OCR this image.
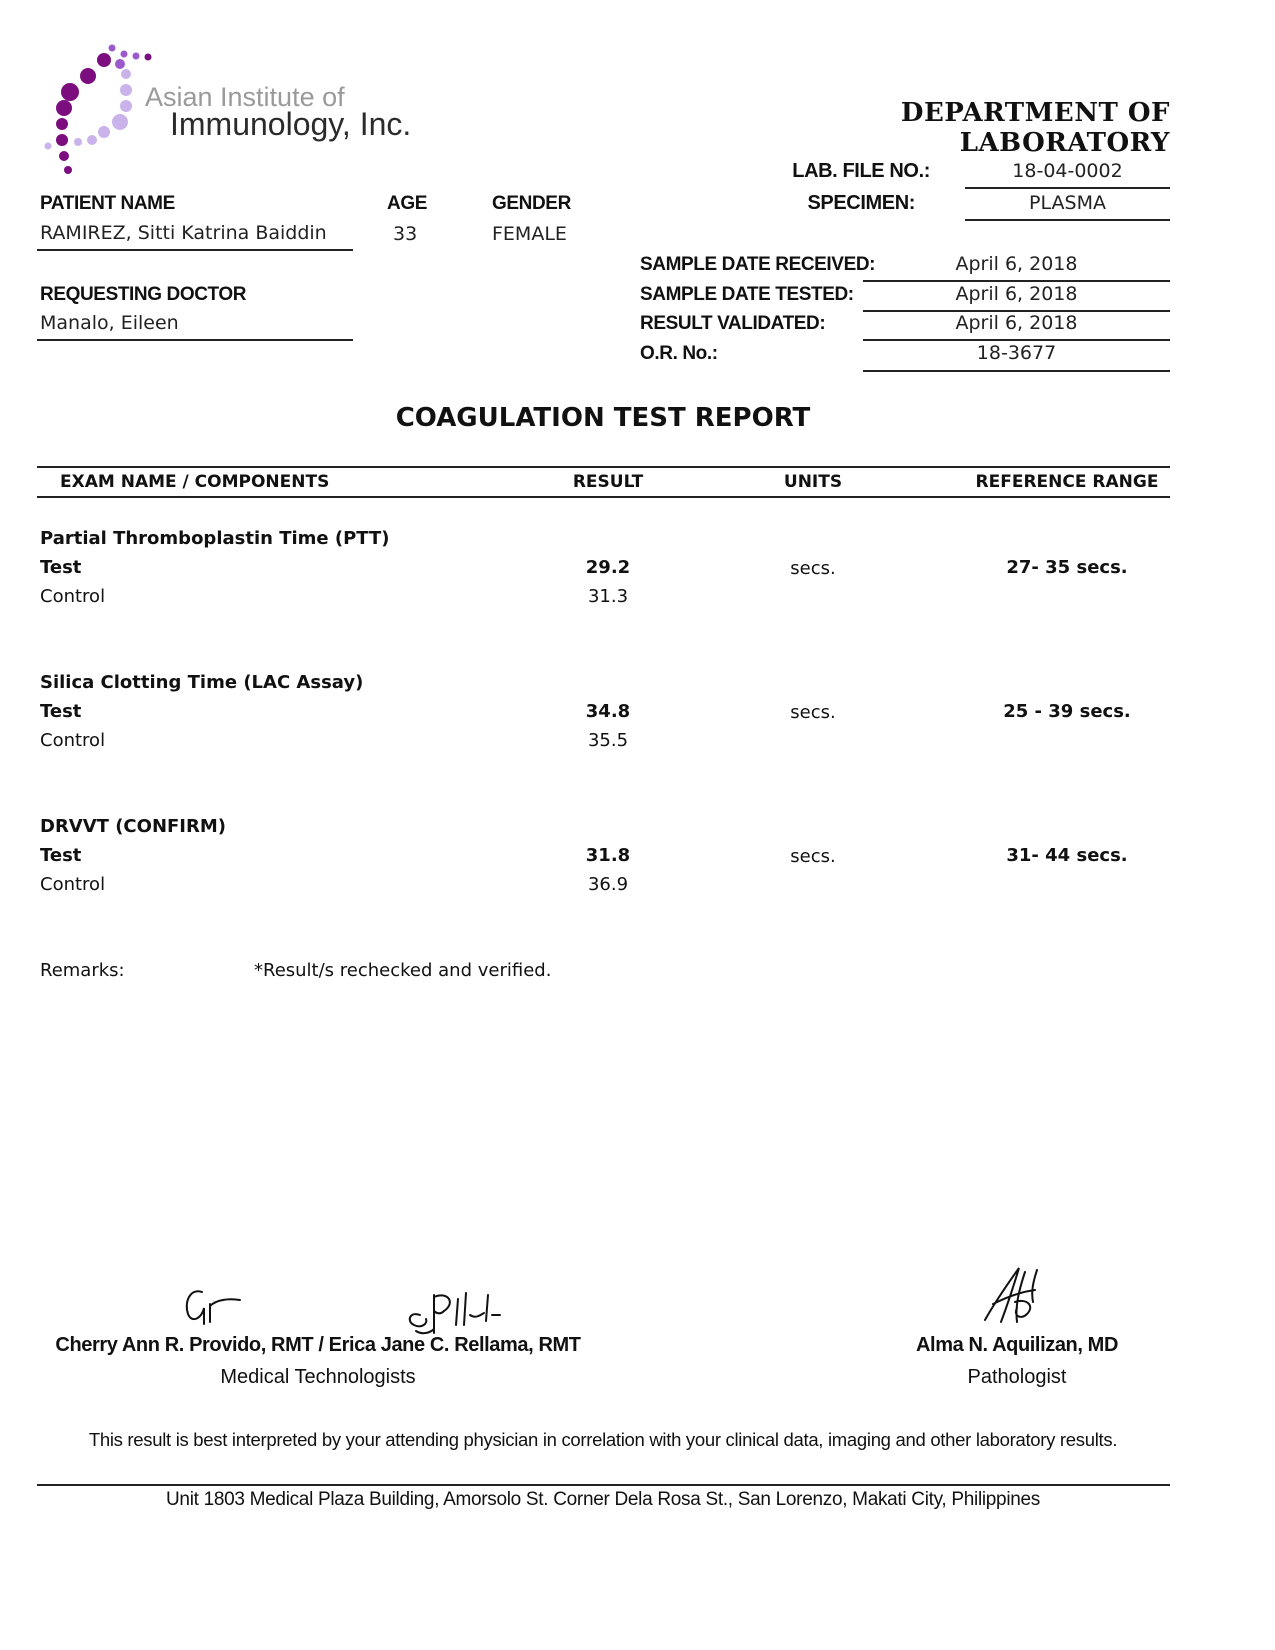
Asian Institute of
Immunology, Inc.	DEPARTMENT OF LABORATORY
LAB. FILE NO.:	18-04-0002
SPECIMEN:	PLASMA
PATIENT NAME
RAMIREZ, Sitti Katrina Baiddin
AGE
33
GENDER
FEMALE
REQUESTING DOCTOR
Manalo, Eileen
SAMPLE DATE RECEIVED:	April 6, 2018
SAMPLE DATE TESTED:	April 6, 2018
RESULT VALIDATED:	April 6, 2018
O.R. No.:	18-3677
COAGULATION TEST REPORT
EXAM NAME / COMPONENTS	RESULT	UNITS	REFERENCE RANGE
Partial Thromboplastin Time (PTT)
Test	29.2	secs.	27- 35 secs.
Control	31.3
Silica Clotting Time (LAC Assay)
Test	34.8	secs.	25 - 39 secs.
Control	35.5
DRVVT (CONFIRM)
Test	31.8	secs.	31- 44 secs.
Control	36.9
Remarks:	*Result/s rechecked and verified.
Cherry Ann R. Provido, RMT / Erica Jane C. Rellama, RMT
Medical Technologists
Alma N. Aquilizan, MD
Pathologist
This result is best interpreted by your attending physician in correlation with your clinical data, imaging and other laboratory results.
Unit 1803 Medical Plaza Building, Amorsolo St. Corner Dela Rosa St., San Lorenzo, Makati City, Philippines
